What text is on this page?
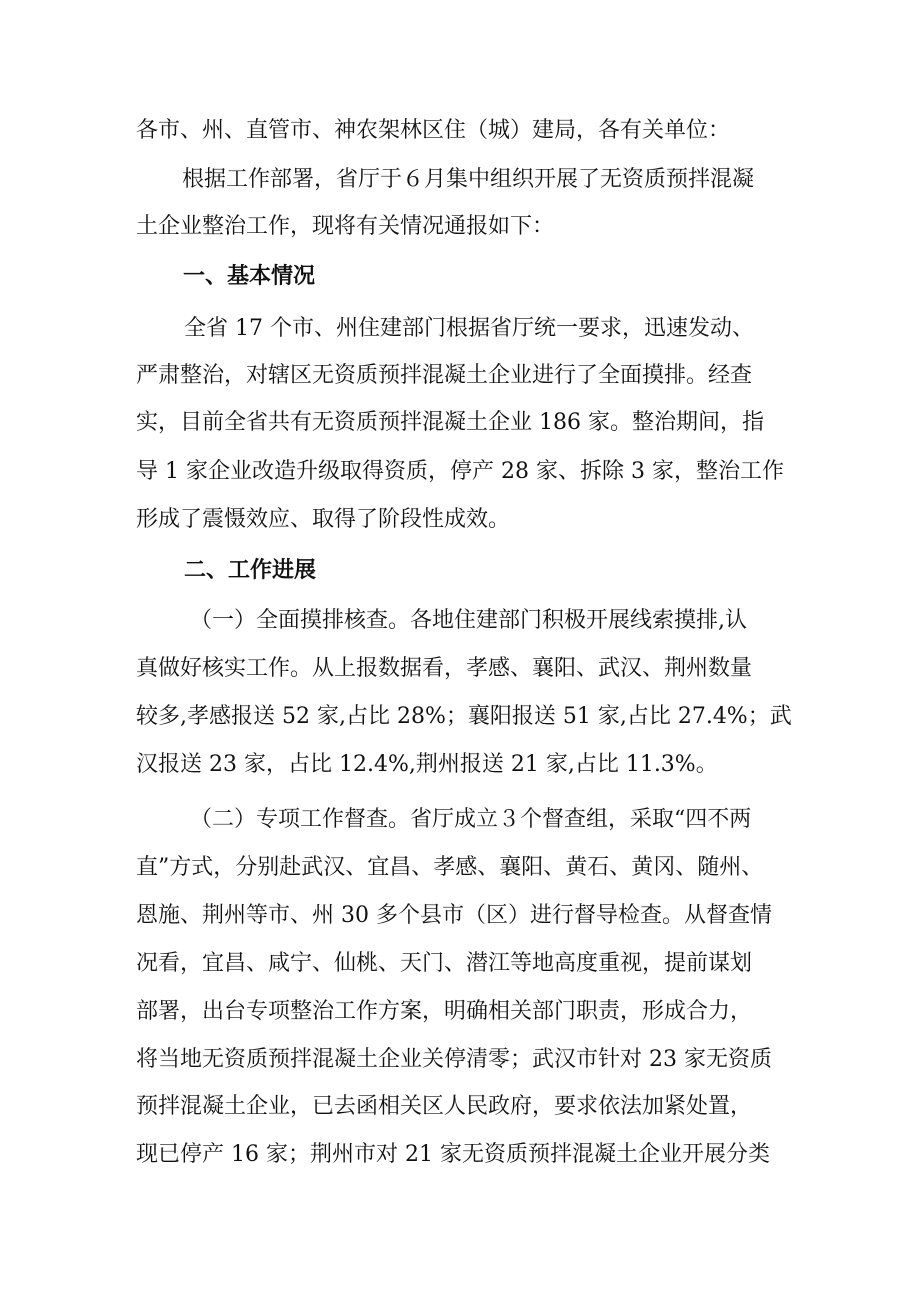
各市、州、直管市、神农架林区住（城）建局，各有关单位：
根据工作部署，省厅于６月集中组织开展了无资质预拌混凝
土企业整治工作，现将有关情况通报如下：
一、基本情况
全省 17 个市、州住建部门根据省厅统一要求，迅速发动、
严肃整治，对辖区无资质预拌混凝土企业进行了全面摸排。经查
实，目前全省共有无资质预拌混凝土企业 186 家。整治期间，指
导 1 家企业改造升级取得资质，停产 28 家、拆除 3 家，整治工作
形成了震慑效应、取得了阶段性成效。
二、工作进展
（一）全面摸排核查。各地住建部门积极开展线索摸排,认
真做好核实工作。从上报数据看，孝感、襄阳、武汉、荆州数量
较多,孝感报送 52 家,占比 28%；襄阳报送 51 家,占比 27.4%；武
汉报送 23 家，占比 12.4%,荆州报送 21 家,占比 11.3%。
（二）专项工作督查。省厅成立３个督查组，采取“四不两
直”方式，分别赴武汉、宜昌、孝感、襄阳、黄石、黄冈、随州、
恩施、荆州等市、州 30 多个县市（区）进行督导检查。从督查情
况看，宜昌、咸宁、仙桃、天门、潜江等地高度重视，提前谋划
部署，出台专项整治工作方案，明确相关部门职责，形成合力，
将当地无资质预拌混凝土企业关停清零；武汉市针对 23 家无资质
预拌混凝土企业，已去函相关区人民政府，要求依法加紧处置，
现已停产 16 家；荆州市对 21 家无资质预拌混凝土企业开展分类
